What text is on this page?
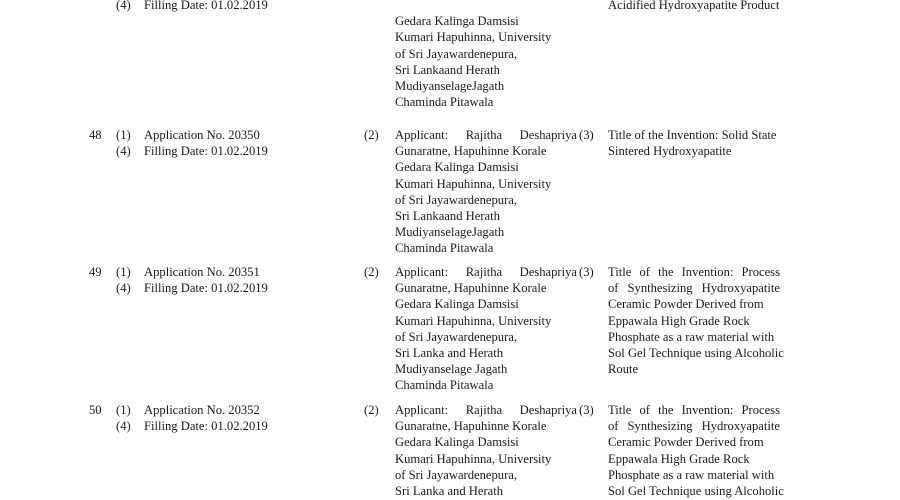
(4) Filling Date: 01.02.2019
Gedara Kalinga Damsisi
Kumari Hapuhinna, University
of Sri Jayawardenepura,
Sri Lankaand Herath
MudiyanselageJagath
Chaminda Pitawala
Acidified Hydroxyapatite Product
48 (1) Application No. 20350
(4) Filling Date: 01.02.2019
(2) Applicant: Rajitha Deshapriya
Gunaratne, Hapuhinne Korale
Gedara Kalinga Damsisi
Kumari Hapuhinna, University
of Sri Jayawardenepura,
Sri Lankaand Herath
MudiyanselageJagath
Chaminda Pitawala
(3) Title of the Invention: Solid State
Sintered Hydroxyapatite
49 (1) Application No. 20351
(4) Filling Date: 01.02.2019
(2) Applicant: Rajitha Deshapriya
Gunaratne, Hapuhinne Korale
Gedara Kalinga Damsisi
Kumari Hapuhinna, University
of Sri Jayawardenepura,
Sri Lanka and Herath
Mudiyanselage Jagath
Chaminda Pitawala
(3) Title of the Invention: Process
of Synthesizing Hydroxyapatite
Ceramic Powder Derived from
Eppawala High Grade Rock
Phosphate as a raw material with
Sol Gel Technique using Alcoholic
Route
50 (1) Application No. 20352
(4) Filling Date: 01.02.2019
(2) Applicant: Rajitha Deshapriya
Gunaratne, Hapuhinne Korale
Gedara Kalinga Damsisi
Kumari Hapuhinna, University
of Sri Jayawardenepura,
Sri Lanka and Herath
(3) Title of the Invention: Process
of Synthesizing Hydroxyapatite
Ceramic Powder Derived from
Eppawala High Grade Rock
Phosphate as a raw material with
Sol Gel Technique using Alcoholic
